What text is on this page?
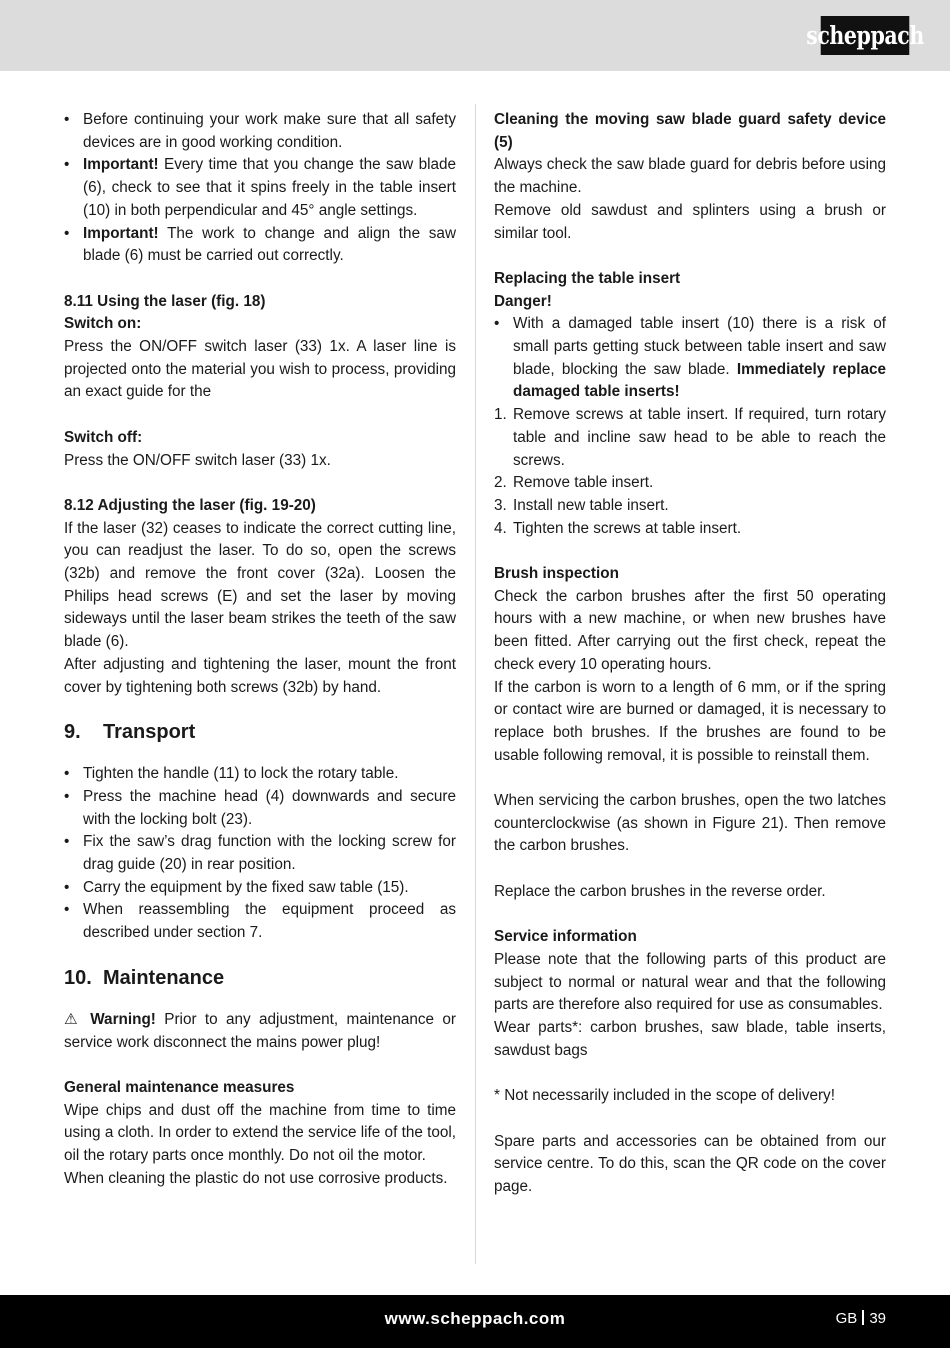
scheppach
• Before continuing your work make sure that all safety devices are in good working condition.
• Important! Every time that you change the saw blade (6), check to see that it spins freely in the table insert (10) in both perpendicular and 45° angle settings.
• Important! The work to change and align the saw blade (6) must be carried out correctly.

8.11 Using the laser (fig. 18)

Switch on:

Press the ON/OFF switch laser (33) 1x. A laser line is projected onto the material you wish to process, providing an exact guide for the

Switch off:

Press the ON/OFF switch laser (33) 1x.

8.12 Adjusting the laser (fig. 19-20)

If the laser (32) ceases to indicate the correct cutting line, you can readjust the laser. To do so, open the screws (32b) and remove the front cover (32a). Loosen the Philips head screws (E) and set the laser by moving sideways until the laser beam strikes the teeth of the saw blade (6).

After adjusting and tightening the laser, mount the front cover by tightening both screws (32b) by hand.

9. Transport
• Tighten the handle (11) to lock the rotary table.
• Press the machine head (4) downwards and secure with the locking bolt (23).
• Fix the saw’s drag function with the locking screw for drag guide (20) in rear position.
• Carry the equipment by the fixed saw table (15).
• When reassembling the equipment proceed as described under section 7.
10. Maintenance

⚠ Warning! Prior to any adjustment, maintenance or service work disconnect the mains power plug!

General maintenance measures

Wipe chips and dust off the machine from time to time using a cloth. In order to extend the service life of the tool, oil the rotary parts once monthly. Do not oil the motor.

When cleaning the plastic do not use corrosive products.

Cleaning the moving saw blade guard safety device (5)

Always check the saw blade guard for debris before using the machine.

Remove old sawdust and splinters using a brush or similar tool.

Replacing the table insert

Danger!

• With a damaged table insert (10) there is a risk of small parts getting stuck between table insert and saw blade, blocking the saw blade. Immediately replace damaged table inserts!
1. Remove screws at table insert. If required, turn rotary table and incline saw head to be able to reach the screws.
2. Remove table insert.
3. Install new table insert.
4. Tighten the screws at table insert.

Brush inspection

Check the carbon brushes after the first 50 operating hours with a new machine, or when new brushes have been fitted. After carrying out the first check, repeat the check every 10 operating hours.

If the carbon is worn to a length of 6 mm, or if the spring or contact wire are burned or damaged, it is necessary to replace both brushes. If the brushes are found to be usable following removal, it is possible to reinstall them.

When servicing the carbon brushes, open the two latches counterclockwise (as shown in Figure 21). Then remove the carbon brushes.

Replace the carbon brushes in the reverse order.

Service information

Please note that the following parts of this product are subject to normal or natural wear and that the following parts are therefore also required for use as consumables.

Wear parts*: carbon brushes, saw blade, table inserts, sawdust bags

* Not necessarily included in the scope of delivery!

Spare parts and accessories can be obtained from our service centre. To do this, scan the QR code on the cover page.

www.scheppach.com	GB 39
